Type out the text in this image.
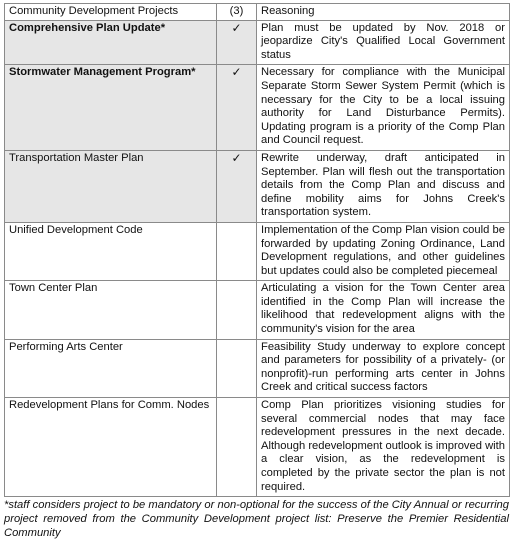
Community Development Projects	(3)	Reasoning
Comprehensive Plan Update*	✓	Plan must be updated by Nov. 2018 or jeopardize City's Qualified Local Government status
Stormwater Management Program*	✓	Necessary for compliance with the Municipal Separate Storm Sewer System Permit (which is necessary for the City to be a local issuing authority for Land Disturbance Permits). Updating program is a priority of the Comp Plan and Council request.
Transportation Master Plan	✓	Rewrite underway, draft anticipated in September. Plan will flesh out the transportation details from the Comp Plan and discuss and define mobility aims for Johns Creek's transportation system.
Unified Development Code		Implementation of the Comp Plan vision could be forwarded by updating Zoning Ordinance, Land Development regulations, and other guidelines but updates could also be completed piecemeal
Town Center Plan		Articulating a vision for the Town Center area identified in the Comp Plan will increase the likelihood that redevelopment aligns with the community's vision for the area
Performing Arts Center		Feasibility Study underway to explore concept and parameters for possibility of a privately- (or nonprofit)-run performing arts center in Johns Creek and critical success factors
Redevelopment Plans for Comm. Nodes		Comp Plan prioritizes visioning studies for several commercial nodes that may face redevelopment pressures in the next decade. Although redevelopment outlook is improved with a clear vision, as the redevelopment is completed by the private sector the plan is not required.
*staff considers project to be mandatory or non-optional for the success of the City Annual or recurring project removed from the Community Development project list: Preserve the Premier Residential Community
